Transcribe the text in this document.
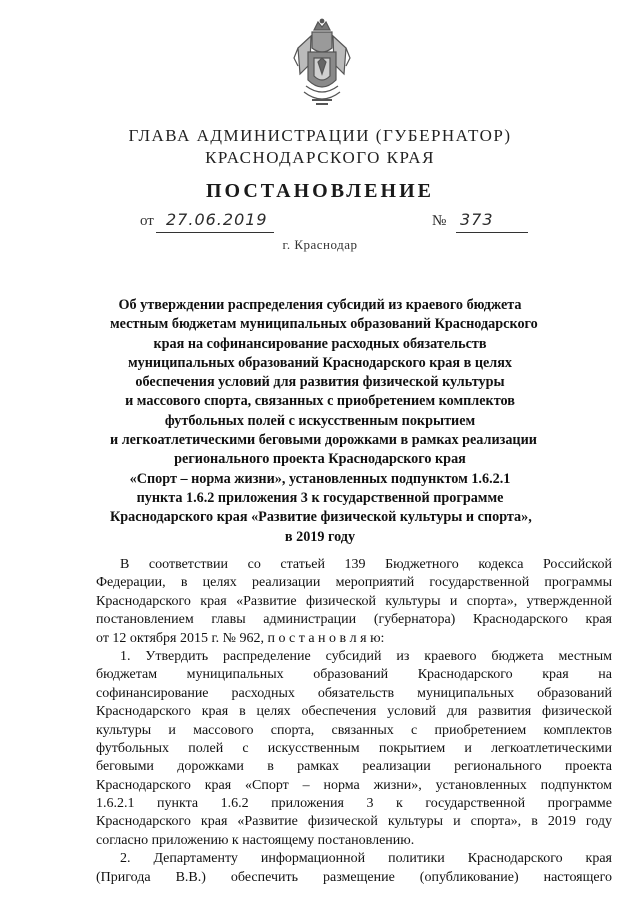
ГЛАВА АДМИНИСТРАЦИИ (ГУБЕРНАТОР)
КРАСНОДАРСКОГО КРАЯ
ПОСТАНОВЛЕНИЕ
от 27.06.2019	№ 373
г. Краснодар
Об утверждении распределения субсидий из краевого бюджета
местным бюджетам муниципальных образований Краснодарского
края на софинансирование расходных обязательств
муниципальных образований Краснодарского края в целях
обеспечения условий для развития физической культуры
и массового спорта, связанных с приобретением комплектов
футбольных полей с искусственным покрытием
и легкоатлетическими беговыми дорожками в рамках реализации
регионального проекта Краснодарского края
«Спорт – норма жизни», установленных подпунктом 1.6.2.1
пункта 1.6.2 приложения 3 к государственной программе
Краснодарского края «Развитие физической культуры и спорта»,
в 2019 году
В соответствии со статьей 139 Бюджетного кодекса Российской
Федерации, в целях реализации мероприятий государственной программы
Краснодарского края «Развитие физической культуры и спорта», утвержденной
постановлением главы администрации (губернатора) Краснодарского края
от 12 октября 2015 г. № 962, п о с т а н о в л я ю:
1. Утвердить распределение субсидий из краевого бюджета местным
бюджетам муниципальных образований Краснодарского края на
софинансирование расходных обязательств муниципальных образований
Краснодарского края в целях обеспечения условий для развития физической
культуры и массового спорта, связанных с приобретением комплектов
футбольных полей с искусственным покрытием и легкоатлетическими
беговыми дорожками в рамках реализации регионального проекта
Краснодарского края «Спорт – норма жизни», установленных подпунктом
1.6.2.1 пункта 1.6.2 приложения 3 к государственной программе
Краснодарского края «Развитие физической культуры и спорта», в 2019 году
согласно приложению к настоящему постановлению.
2. Департаменту информационной политики Краснодарского края
(Пригода В.В.) обеспечить размещение (опубликование) настоящего
